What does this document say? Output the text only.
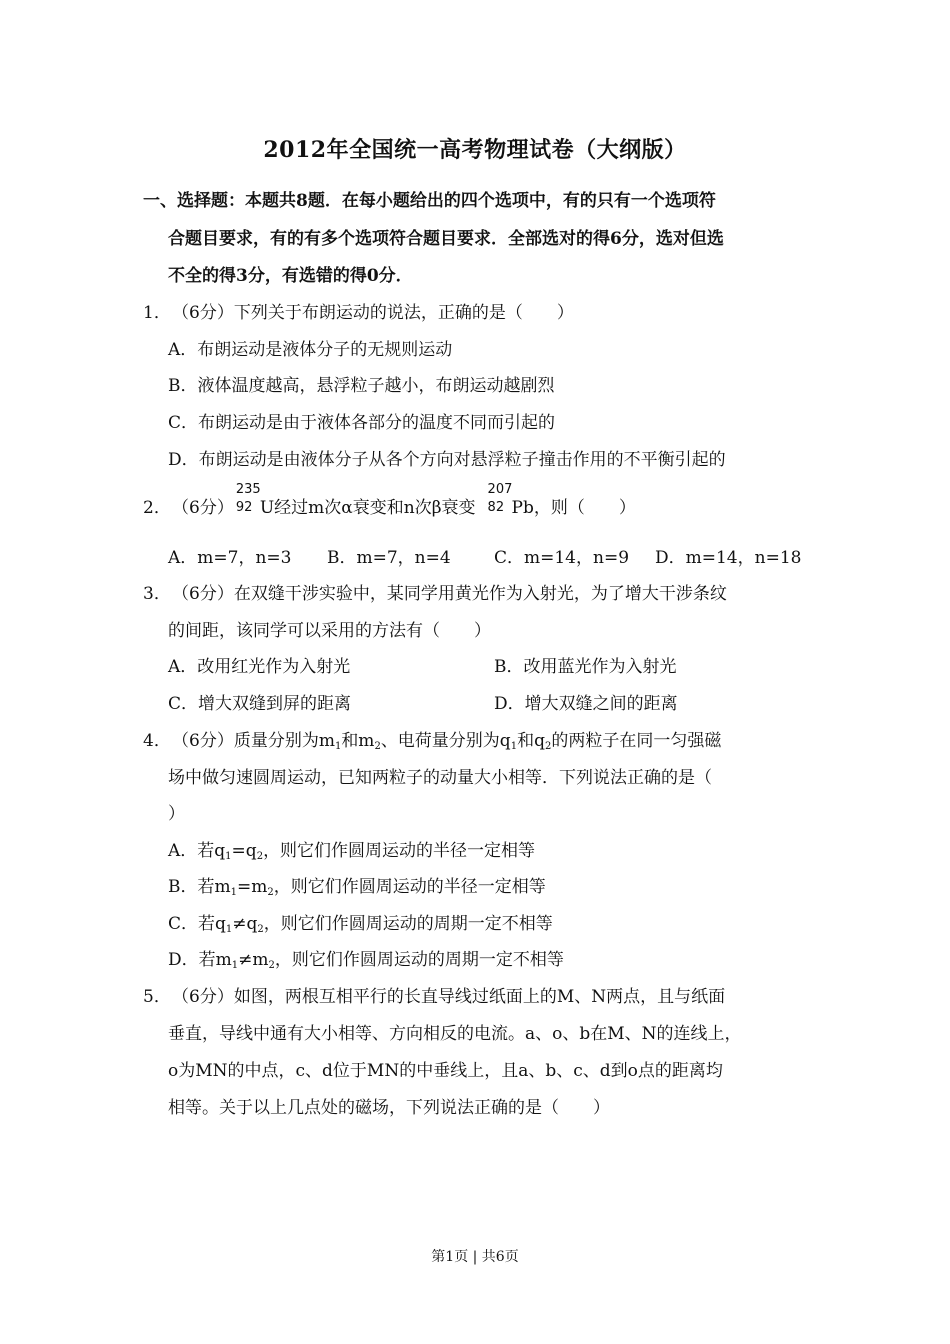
2012年全国统一高考物理试卷（大纲版）
一、选择题：本题共8题．在每小题给出的四个选项中，有的只有一个选项符
合题目要求，有的有多个选项符合题目要求．全部选对的得6分，选对但选
不全的得3分，有选错的得0分．
1． （6分）下列关于布朗运动的说法，正确的是（　　）
A．布朗运动是液体分子的无规则运动
B．液体温度越高，悬浮粒子越小，布朗运动越剧烈
C．布朗运动是由于液体各部分的温度不同而引起的
D．布朗运动是由液体分子从各个方向对悬浮粒子撞击作用的不平衡引起的
2． （6分）
235
92 U经过m次α衰变和n次β衰变
207
82 Pb，则（　　）
A．m=7，n=3 B．m=7，n=4	C．m=14，n=9 D．m=14，n=18
3． （6分）在双缝干涉实验中，某同学用黄光作为入射光，为了增大干涉条纹
的间距，该同学可以采用的方法有（　　）
A．改用红光作为入射光	B．改用蓝光作为入射光
C．增大双缝到屏的距离	D．增大双缝之间的距离
4． （6分）质量分别为$m_1$和$m_2$、电荷量分别为$q_1$和$q_2$的两粒子在同一匀强磁
场中做匀速圆周运动，已知两粒子的动量大小相等．下列说法正确的是（
）
A．若$q_1=q_2$，则它们作圆周运动的半径一定相等
B．若$m_1=m_2$，则它们作圆周运动的半径一定相等
C．若$q_1\ne q_2$，则它们作圆周运动的周期一定不相等
D．若$m_1\ne m_2$，则它们作圆周运动的周期一定不相等
5． （6分）如图，两根互相平行的长直导线过纸面上的M、N两点，且与纸面
垂直，导线中通有大小相等、方向相反的电流。a、o、b在M、N的连线上，
o为MN的中点，c、d位于MN的中垂线上，且a、b、c、d到o点的距离均
相等。关于以上几点处的磁场，下列说法正确的是（　　）
第1页 | 共6页
